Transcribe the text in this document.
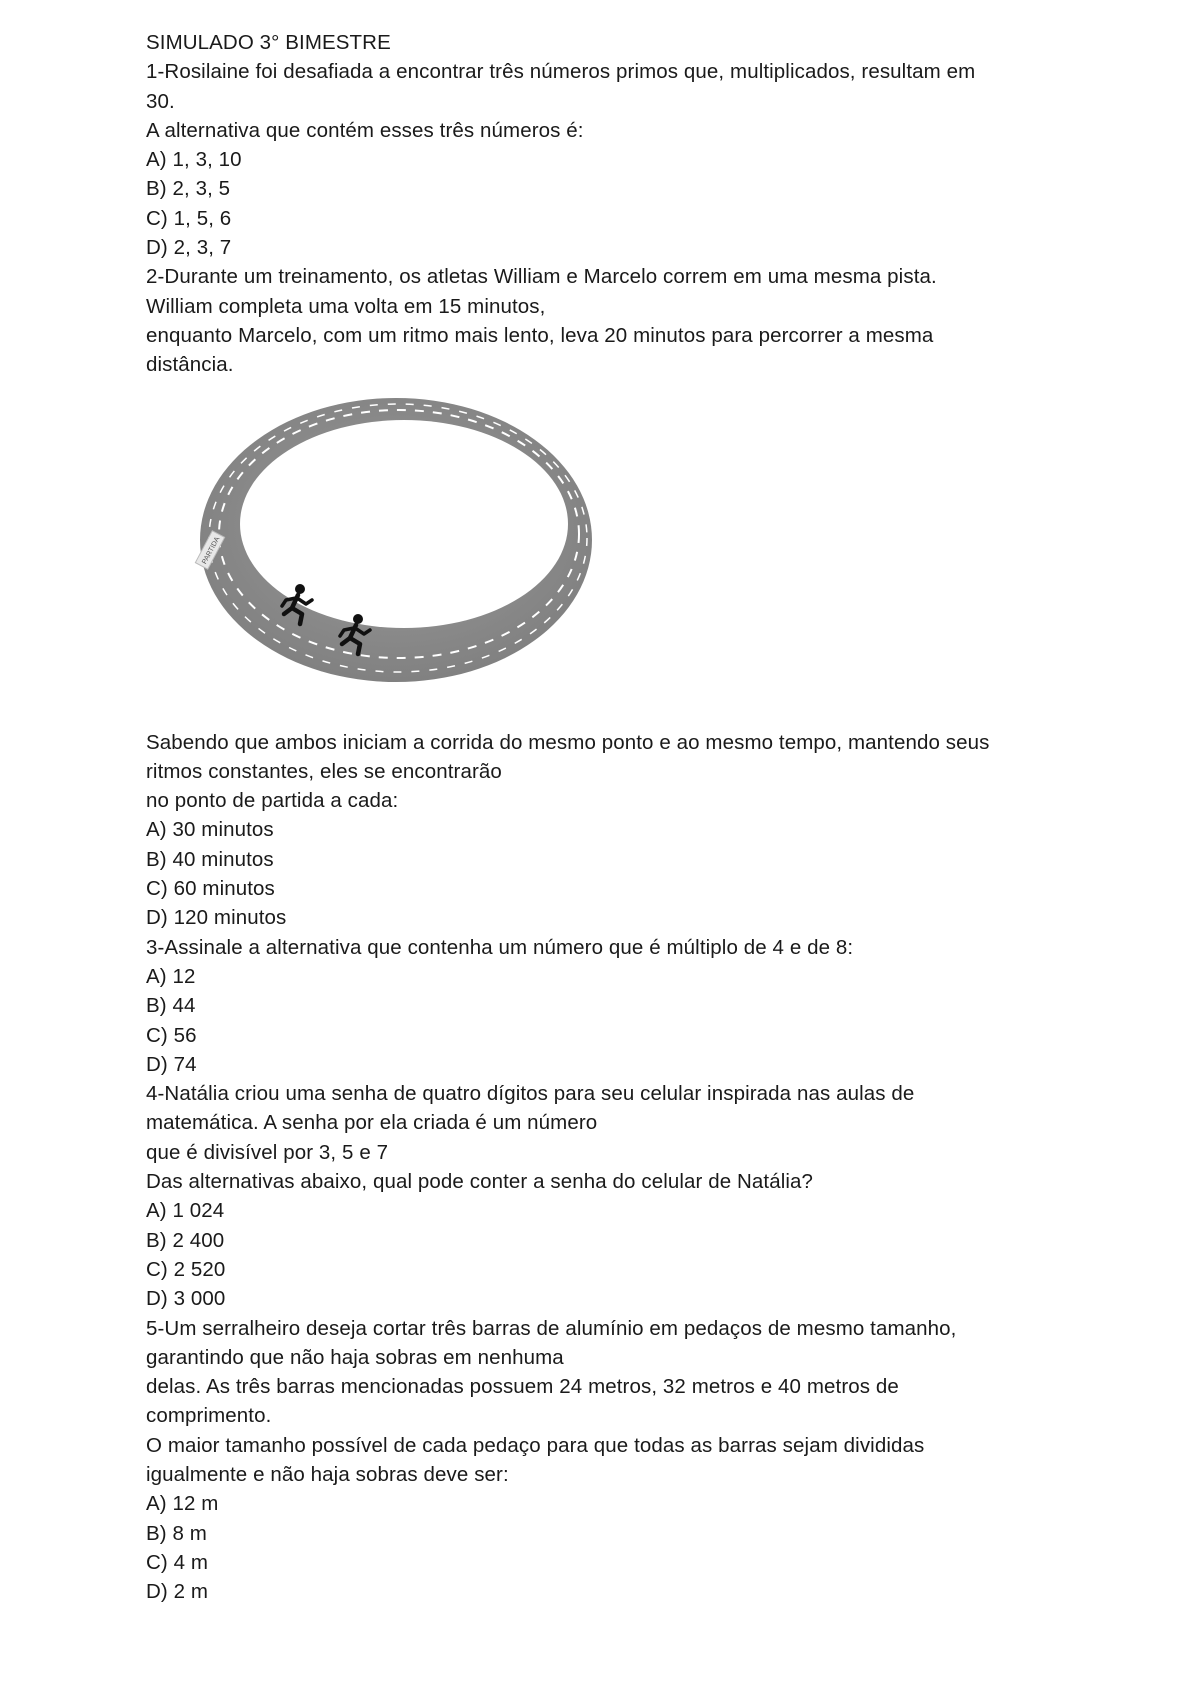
SIMULADO 3° BIMESTRE
1-Rosilaine foi desafiada a encontrar três números primos que, multiplicados, resultam em
30.
A alternativa que contém esses três números é:
A) 1, 3, 10
B) 2, 3, 5
C) 1, 5, 6
D) 2, 3, 7
2-Durante um treinamento, os atletas William e Marcelo correm em uma mesma pista.
William completa uma volta em 15 minutos,
enquanto Marcelo, com um ritmo mais lento, leva 20 minutos para percorrer a mesma
distância.
PARTIDA
Sabendo que ambos iniciam a corrida do mesmo ponto e ao mesmo tempo, mantendo seus
ritmos constantes, eles se encontrarão
no ponto de partida a cada:
A) 30 minutos
B) 40 minutos
C) 60 minutos
D) 120 minutos
3-Assinale a alternativa que contenha um número que é múltiplo de 4 e de 8:
A) 12
B) 44
C) 56
D) 74
4-Natália criou uma senha de quatro dígitos para seu celular inspirada nas aulas de
matemática. A senha por ela criada é um número
que é divisível por 3, 5 e 7
Das alternativas abaixo, qual pode conter a senha do celular de Natália?
A) 1 024
B) 2 400
C) 2 520
D) 3 000
5-Um serralheiro deseja cortar três barras de alumínio em pedaços de mesmo tamanho,
garantindo que não haja sobras em nenhuma
delas. As três barras mencionadas possuem 24 metros, 32 metros e 40 metros de
comprimento.
O maior tamanho possível de cada pedaço para que todas as barras sejam divididas
igualmente e não haja sobras deve ser:
A) 12 m
B) 8 m
C) 4 m
D) 2 m
